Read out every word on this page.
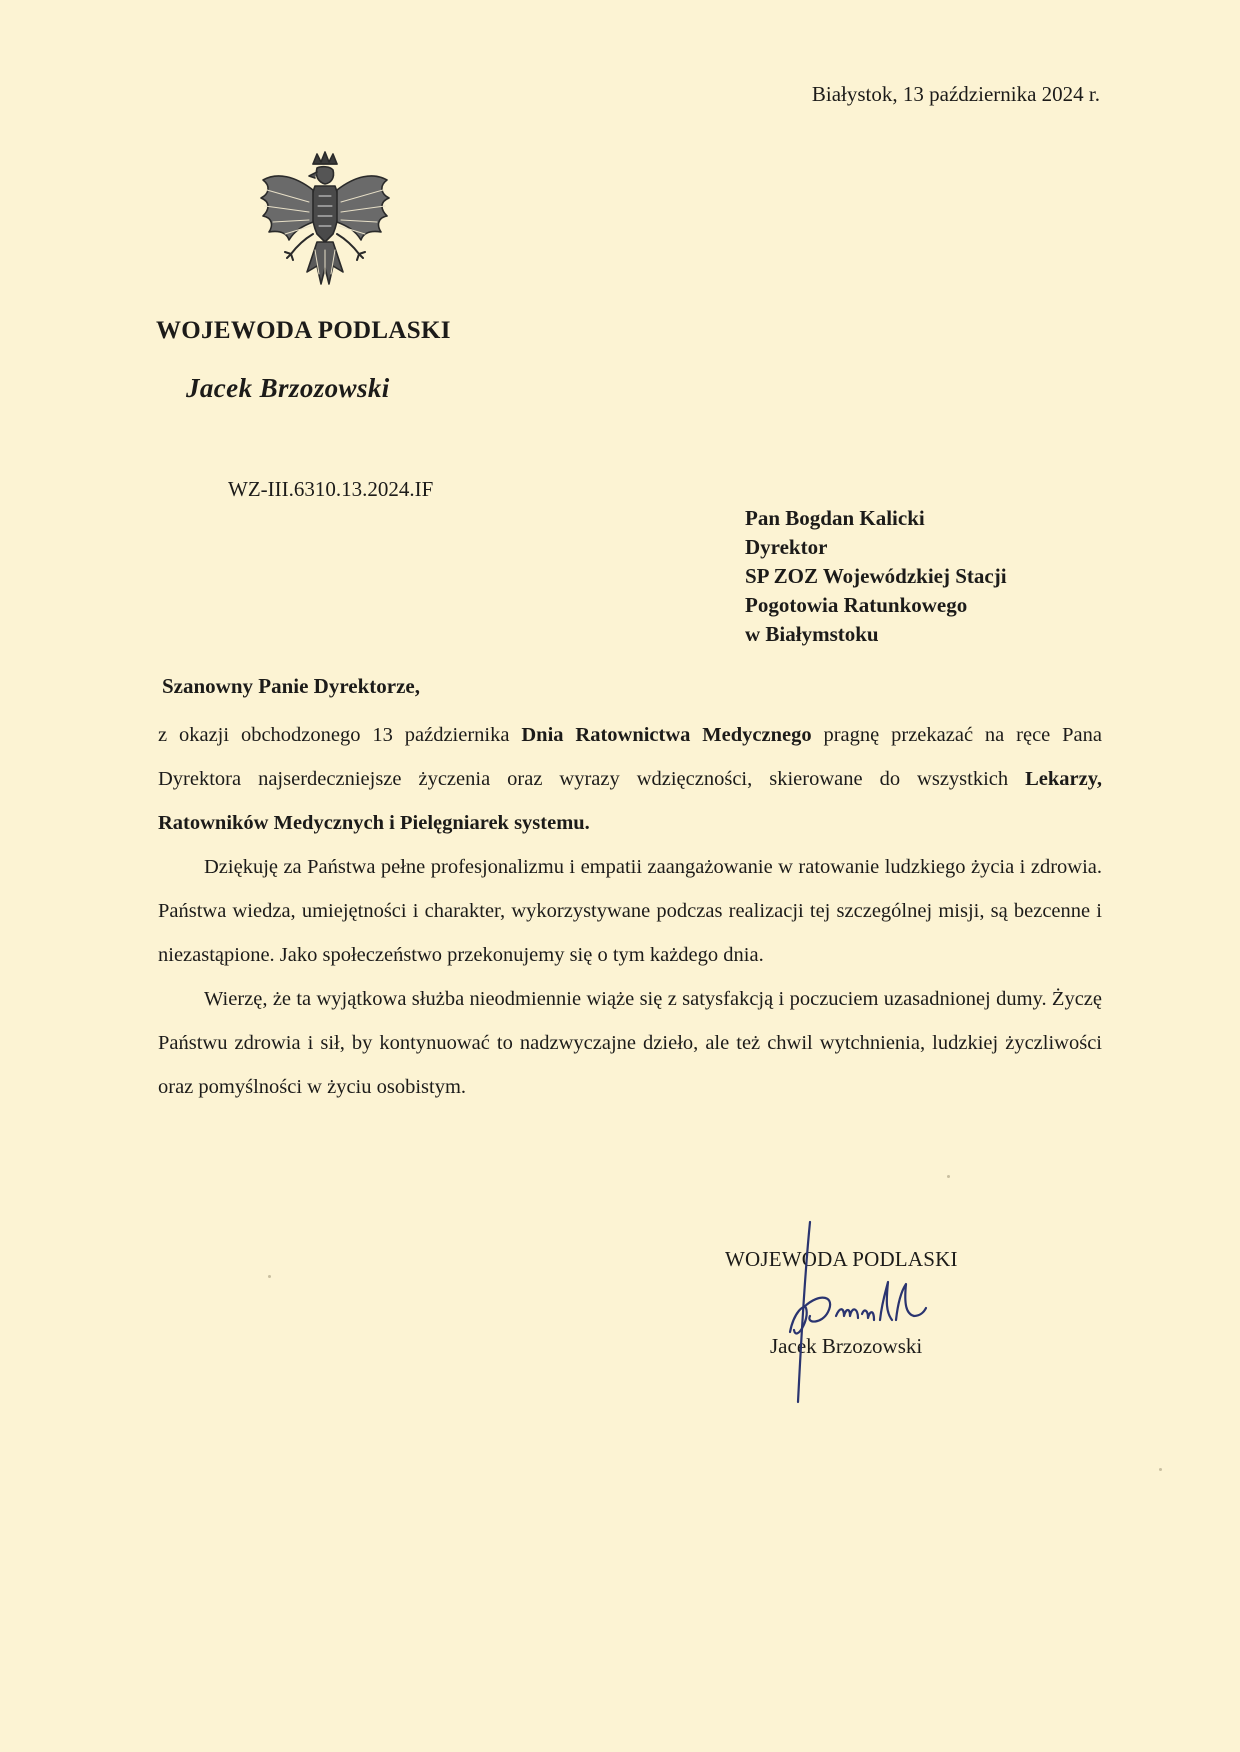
Białystok, 13 października 2024 r.
WOJEWODA PODLASKI
Jacek Brzozowski
WZ-III.6310.13.2024.IF
Pan Bogdan Kalicki
Dyrektor
SP ZOZ Wojewódzkiej Stacji
Pogotowia Ratunkowego
w Białymstoku
Szanowny Panie Dyrektorze,

z okazji obchodzonego 13 października Dnia Ratownictwa Medycznego pragnę przekazać na ręce Pana Dyrektora najserdeczniejsze życzenia oraz wyrazy wdzięczności, skierowane do wszystkich Lekarzy, Ratowników Medycznych i Pielęgniarek systemu.

Dziękuję za Państwa pełne profesjonalizmu i empatii zaangażowanie w ratowanie ludzkiego życia i zdrowia. Państwa wiedza, umiejętności i charakter, wykorzystywane podczas realizacji tej szczególnej misji, są bezcenne i niezastąpione. Jako społeczeństwo przekonujemy się o tym każdego dnia.

Wierzę, że ta wyjątkowa służba nieodmiennie wiąże się z satysfakcją i poczuciem uzasadnionej dumy. Życzę Państwu zdrowia i sił, by kontynuować to nadzwyczajne dzieło, ale też chwil wytchnienia, ludzkiej życzliwości oraz pomyślności w życiu osobistym.

WOJEWODA PODLASKI
Jacek Brzozowski
